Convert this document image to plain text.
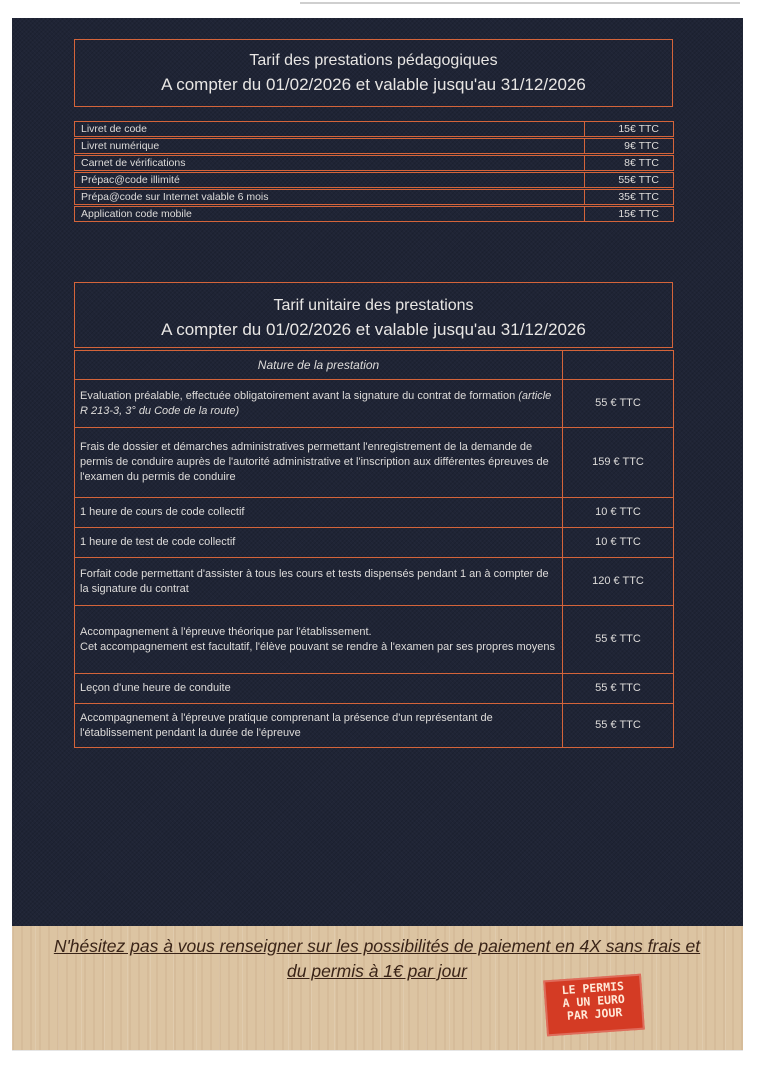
Tarif des prestations pédagogiques
A compter du 01/02/2026 et valable jusqu'au 31/12/2026
Livret de code	15€ TTC
Livret numérique	9€ TTC
Carnet de vérifications	8€ TTC
Prépac@code illimité	55€ TTC
Prépa@code sur Internet valable 6 mois	35€ TTC
Application code mobile	15€ TTC
Tarif unitaire des prestations
A compter du 01/02/2026 et valable jusqu'au 31/12/2026
Nature de la prestation	
Evaluation préalable, effectuée obligatoirement avant la signature du contrat de formation (article R 213-3, 3° du Code de la route)	55 € TTC
Frais de dossier et démarches administratives permettant l'enregistrement de la demande de permis de conduire auprès de l'autorité administrative et l'inscription aux différentes épreuves de l'examen du permis de conduire	159 € TTC
1 heure de cours de code collectif	10 € TTC
1 heure de test de code collectif	10 € TTC
Forfait code permettant d'assister à tous les cours et tests dispensés pendant 1 an à compter de la signature du contrat	120 € TTC
Accompagnement à l'épreuve théorique par l'établissement.
Cet accompagnement est facultatif, l'élève pouvant se rendre à l'examen par ses propres moyens	55 € TTC
Leçon d'une heure de conduite	55 € TTC
Accompagnement à l'épreuve pratique comprenant la présence d'un représentant de l'établissement pendant la durée de l'épreuve	55 € TTC
N'hésitez pas à vous renseigner sur les possibilités de paiement en 4X sans frais et
du permis à 1€ par jour
LE PERMIS
A UN EURO
PAR JOUR
